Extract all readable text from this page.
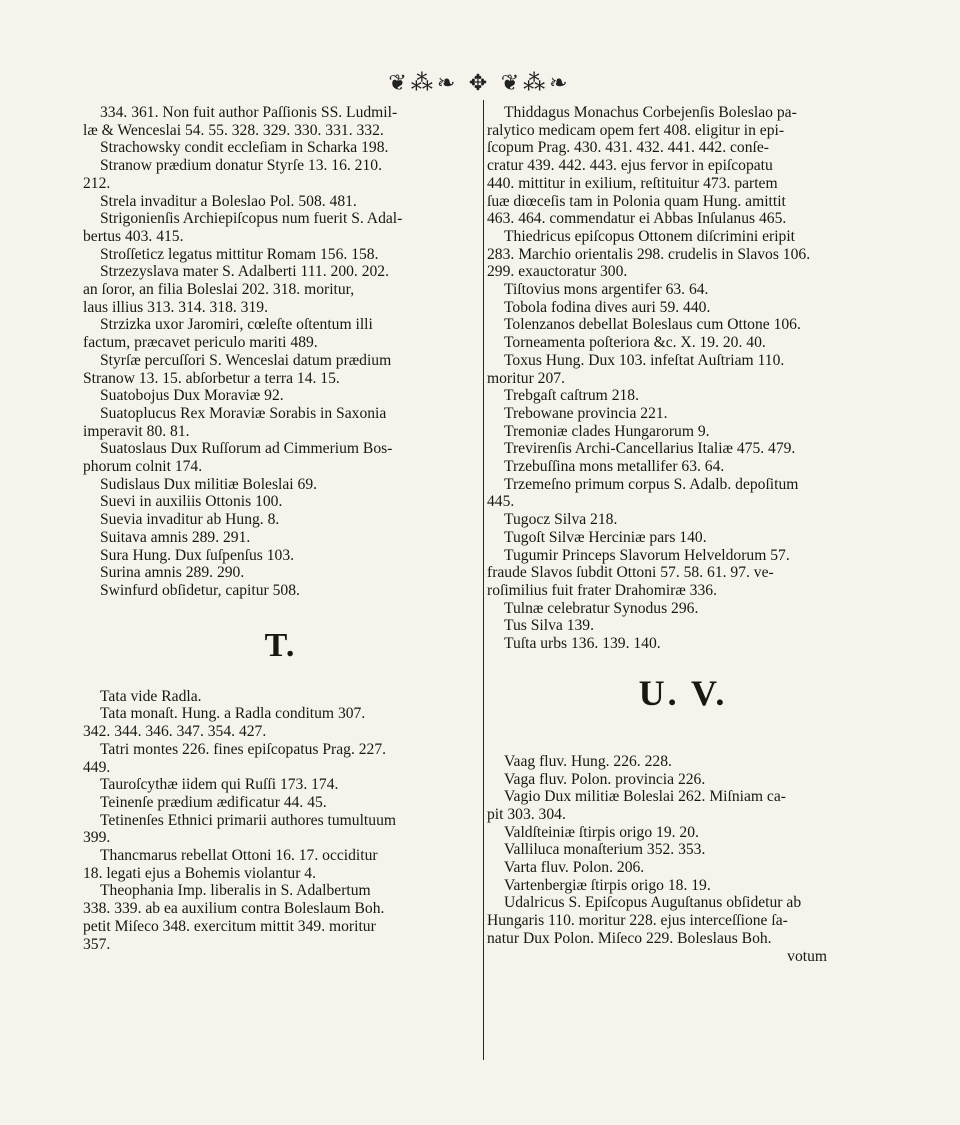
❦⁂❧ ✥ ❦⁂❧

334. 361. Non fuit author Paſſionis SS. Ludmil-

læ & Wenceslai 54. 55. 328. 329. 330. 331. 332.

Strachowsky condit eccleſiam in Scharka 198.

Stranow prædium donatur Styrſe 13. 16. 210.

212.

Strela invaditur a Boleslao Pol. 508. 481.

Strigonienſis Archiepiſcopus num fuerit S. Adal-

bertus 403. 415.

Stroſſeticz legatus mittitur Romam 156. 158.

Strzezyslava mater S. Adalberti 111. 200. 202.

an ſoror, an filia Boleslai 202. 318. moritur,

laus illius 313. 314. 318. 319.

Strzizka uxor Jaromiri, cœleſte oſtentum illi

factum, præcavet periculo mariti 489.

Styrſæ percuſſori S. Wenceslai datum prædium

Stranow 13. 15. abſorbetur a terra 14. 15.

Suatobojus Dux Moraviæ 92.

Suatoplucus Rex Moraviæ Sorabis in Saxonia

imperavit 80. 81.

Suatoslaus Dux Ruſſorum ad Cimmerium Bos-

phorum colnit 174.

Sudislaus Dux militiæ Boleslai 69.

Suevi in auxiliis Ottonis 100.

Suevia invaditur ab Hung. 8.

Suitava amnis 289. 291.

Sura Hung. Dux ſuſpenſus 103.

Surina amnis 289. 290.

Swinfurd obſidetur, capitur 508.

T.

Tata vide Radla.

Tata monaſt. Hung. a Radla conditum 307.

342. 344. 346. 347. 354. 427.

Tatri montes 226. fines epiſcopatus Prag. 227.

449.

Tauroſcythæ iidem qui Ruſſi 173. 174.

Teinenſe prædium ædificatur 44. 45.

Tetinenſes Ethnici primarii authores tumultuum

399.

Thancmarus rebellat Ottoni 16. 17. occiditur

18. legati ejus a Bohemis violantur 4.

Theophania Imp. liberalis in S. Adalbertum

338. 339. ab ea auxilium contra Boleslaum Boh.

petit Miſeco 348. exercitum mittit 349. moritur

357.

Thiddagus Monachus Corbejenſis Boleslao pa-

ralytico medicam opem fert 408. eligitur in epi-

ſcopum Prag. 430. 431. 432. 441. 442. conſe-

cratur 439. 442. 443. ejus fervor in epiſcopatu

440. mittitur in exilium, reſtituitur 473. partem

ſuæ diœceſis tam in Polonia quam Hung. amittit

463. 464. commendatur ei Abbas Inſulanus 465.

Thiedricus epiſcopus Ottonem diſcrimini eripit

283. Marchio orientalis 298. crudelis in Slavos 106.

299. exauctoratur 300.

Tiſtovius mons argentifer 63. 64.

Tobola fodina dives auri 59. 440.

Tolenzanos debellat Boleslaus cum Ottone 106.

Torneamenta poſteriora &c. X. 19. 20. 40.

Toxus Hung. Dux 103. infeſtat Auſtriam 110.

moritur 207.

Trebgaſt caſtrum 218.

Trebowane provincia 221.

Tremoniæ clades Hungarorum 9.

Trevirenſis Archi-Cancellarius Italiæ 475. 479.

Trzebuſſina mons metallifer 63. 64.

Trzemeſno primum corpus S. Adalb. depoſitum

445.

Tugocz Silva 218.

Tugoſt Silvæ Herciniæ pars 140.

Tugumir Princeps Slavorum Helveldorum 57.

fraude Slavos ſubdit Ottoni 57. 58. 61. 97. ve-

roſimilius fuit frater Drahomiræ 336.

Tulnæ celebratur Synodus 296.

Tus Silva 139.

Tuſta urbs 136. 139. 140.

U. V.

Vaag fluv. Hung. 226. 228.

Vaga fluv. Polon. provincia 226.

Vagio Dux militiæ Boleslai 262. Miſniam ca-

pit 303. 304.

Valdſteiniæ ſtirpis origo 19. 20.

Valliluca monaſterium 352. 353.

Varta fluv. Polon. 206.

Vartenbergiæ ſtirpis origo 18. 19.

Udalricus S. Epiſcopus Auguſtanus obſidetur ab

Hungaris 110. moritur 228. ejus interceſſione ſa-

natur Dux Polon. Miſeco 229. Boleslaus Boh.

votum
